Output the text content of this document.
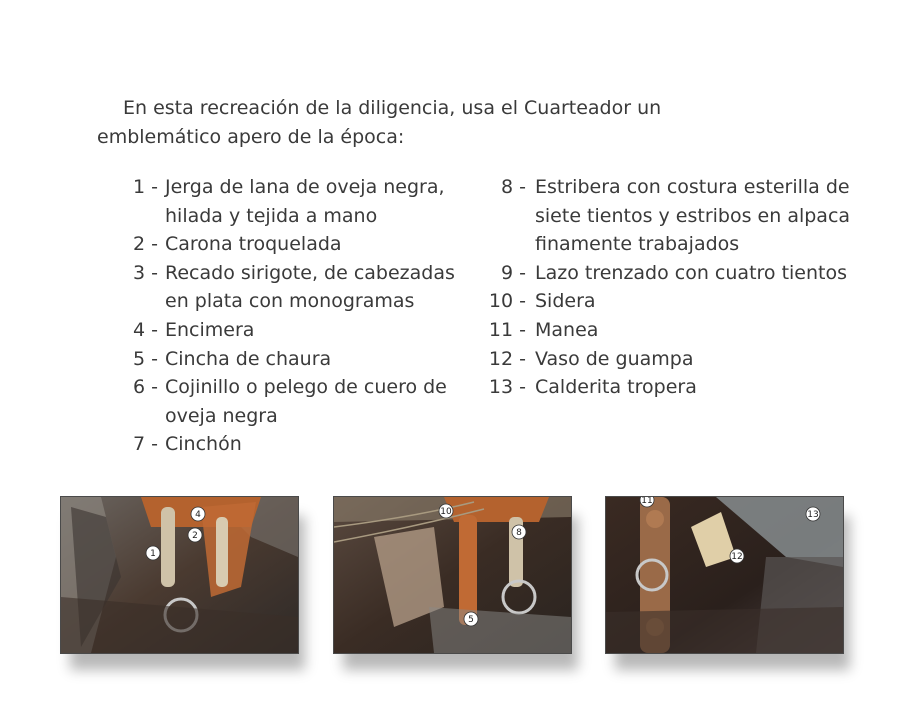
En esta recreación de la diligencia, usa el Cuarteador un emblemático apero de la época:

1 - Jerga de lana de oveja negra, hilada y tejida a mano
2 - Carona troquelada
3 - Recado sirigote, de cabezadas en plata con monogramas
4 - Encimera
5 - Cincha de chaura
6 - Cojinillo o pelego de cuero de oveja negra
7 - Cinchón
8 - Estribera con costura esterilla de siete tientos y estribos en alpaca finamente trabajados
9 - Lazo trenzado con cuatro tientos
10 - Sidera
11 - Manea
12 - Vaso de guampa
13 - Calderita tropera
1
2
4	10
8
5
11
12
13
